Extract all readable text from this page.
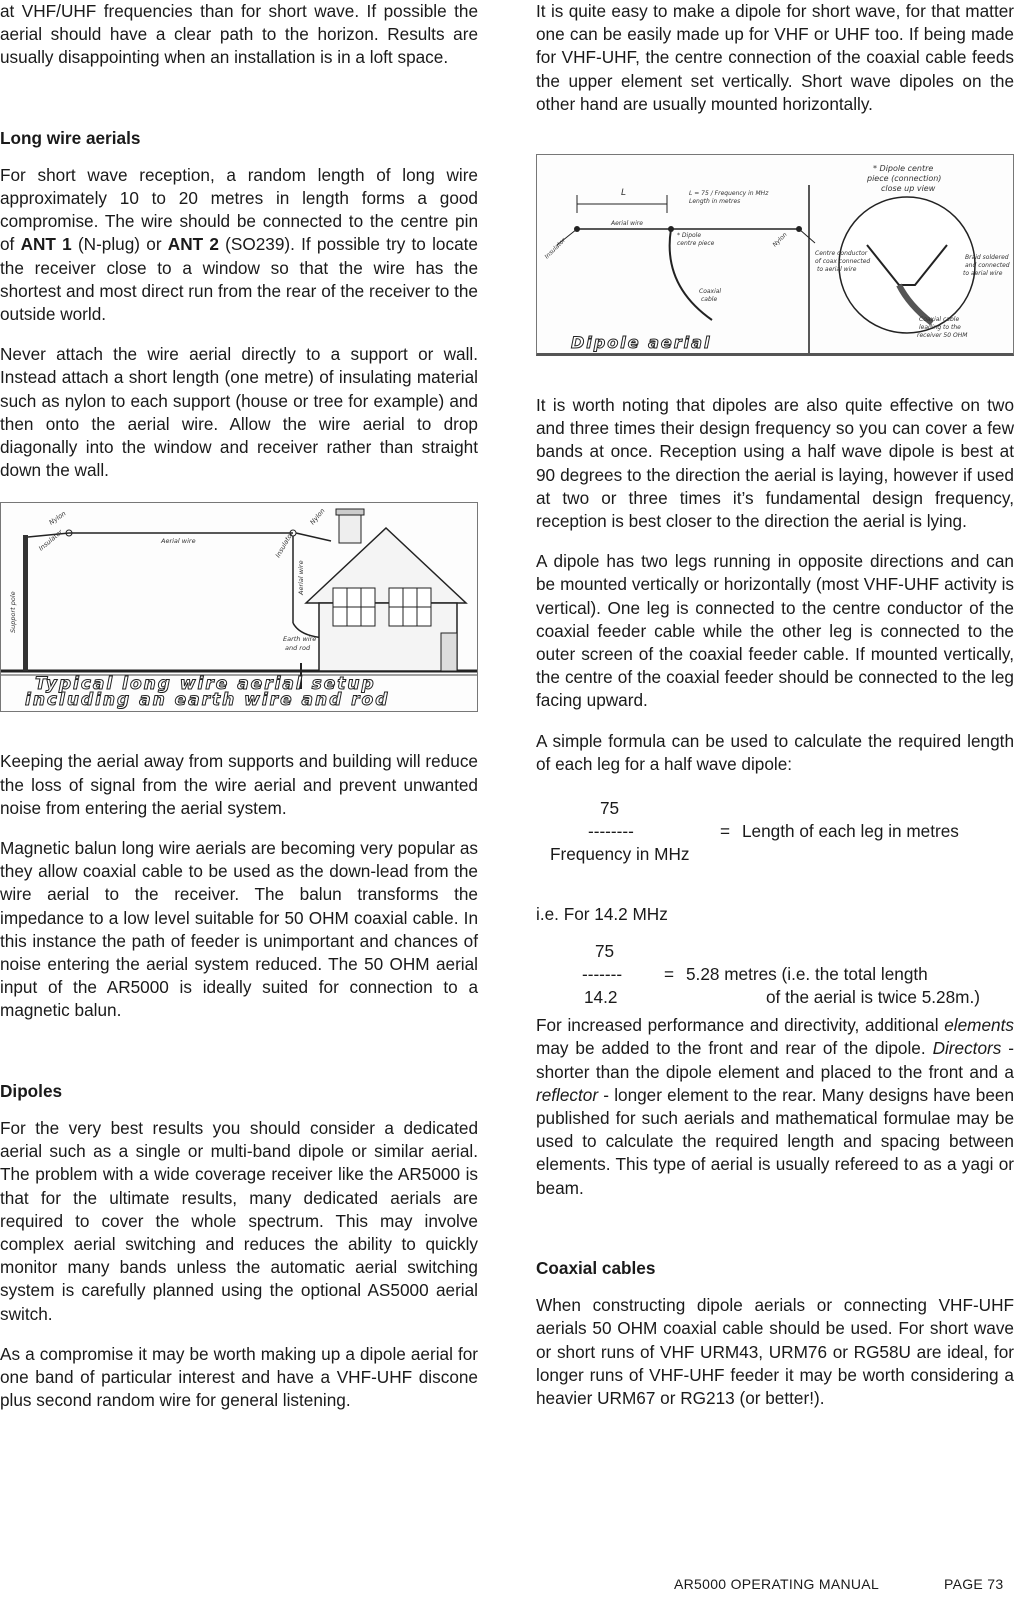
at VHF/UHF frequencies than for short wave. If possible the aerial should have a clear path to the horizon. Results are usually disappointing when an installation is in a loft space.

Long wire aerials

For short wave reception, a random length of long wire approximately 10 to 20 metres in length forms a good compromise. The wire should be connected to the centre pin of ANT 1 (N-plug) or ANT 2 (SO239). If possible try to locate the receiver close to a window so that the wire has the shortest and most direct run from the rear of the receiver to the outside world.

Never attach the wire aerial directly to a support or wall. Instead attach a short length (one metre) of insulating material such as nylon to each support (house or tree for example) and then onto the aerial wire. Allow the wire aerial to drop diagonally into the window and receiver rather than straight down the wall.

Nylon
Insulator	Aerial wire	Insulator
Nylon
Support pole
Aerial wire
Earth wire
and rod
Typical long wire aerial setup
including an earth wire and rod

Keeping the aerial away from supports and building will reduce the loss of signal from the wire aerial and prevent unwanted noise from entering the aerial system.

Magnetic balun long wire aerials are becoming very popular as they allow coaxial cable to be used as the down-lead from the wire aerial to the receiver. The balun transforms the impedance to a low level suitable for 50 OHM coaxial cable. In this instance the path of feeder is unimportant and chances of noise entering the aerial system reduced. The 50 OHM aerial input of the AR5000 is ideally suited for connection to a magnetic balun.

Dipoles

For the very best results you should consider a dedicated aerial such as a single or multi-band dipole or similar aerial. The problem with a wide coverage receiver like the AR5000 is that for the ultimate results, many dedicated aerials are required to cover the whole spectrum. This may involve complex aerial switching and reduces the ability to quickly monitor many bands unless the automatic aerial switching system is carefully planned using the optional AS5000 aerial switch.

As a compromise it may be worth making up a dipole aerial for one band of particular interest and have a VHF-UHF discone plus second random wire for general listening.

It is quite easy to make a dipole for short wave, for that matter one can be easily made up for VHF or UHF too. If being made for VHF-UHF, the centre connection of the coaxial cable feeds the upper element set vertically. Short wave dipoles on the other hand are usually mounted horizontally.

L	L = 75 / Frequency in MHz
Length in metres
Aerial wire
Insulator
* Dipole
centre piece	Nylon
Coaxial
cable
* Dipole centre
piece (connection)
close up view
Centre conductor
of coax connected
to aerial wire
Braid soldered
and connected
to aerial wire
Coaxial cable
leading to the
receiver 50 OHM
Dipole aerial

It is worth noting that dipoles are also quite effective on two and three times their design frequency so you can cover a few bands at once. Reception using a half wave dipole is best at 90 degrees to the direction the aerial is laying, however if used at two or three times it’s fundamental design frequency, reception is best closer to the direction the aerial is lying.

A dipole has two legs running in opposite directions and can be mounted vertically or horizontally (most VHF-UHF activity is vertical). One leg is connected to the centre conductor of the coaxial feeder cable while the other leg is connected to the outer screen of the coaxial feeder cable. If mounted vertically, the centre of the coaxial feeder should be connected to the leg facing upward.

A simple formula can be used to calculate the required length of each leg for a half wave dipole:

75
--------
Frequency in MHz
= Length of each leg in metres

i.e. For 14.2 MHz

75
-------
14.2
= 5.28 metres (i.e. the total length
of the aerial is twice 5.28m.)

For increased performance and directivity, additional elements may be added to the front and rear of the dipole. Directors - shorter than the dipole element and placed to the front and a reflector - longer element to the rear. Many designs have been published for such aerials and mathematical formulae may be used to calculate the required length and spacing between elements. This type of aerial is usually refereed to as a yagi or beam.

Coaxial cables

When constructing dipole aerials or connecting VHF-UHF aerials 50 OHM coaxial cable should be used. For short wave or short runs of VHF URM43, URM76 or RG58U are ideal, for longer runs of VHF-UHF feeder it may be worth considering a heavier URM67 or RG213 (or better!).

AR5000 OPERATING MANUAL	PAGE 73
